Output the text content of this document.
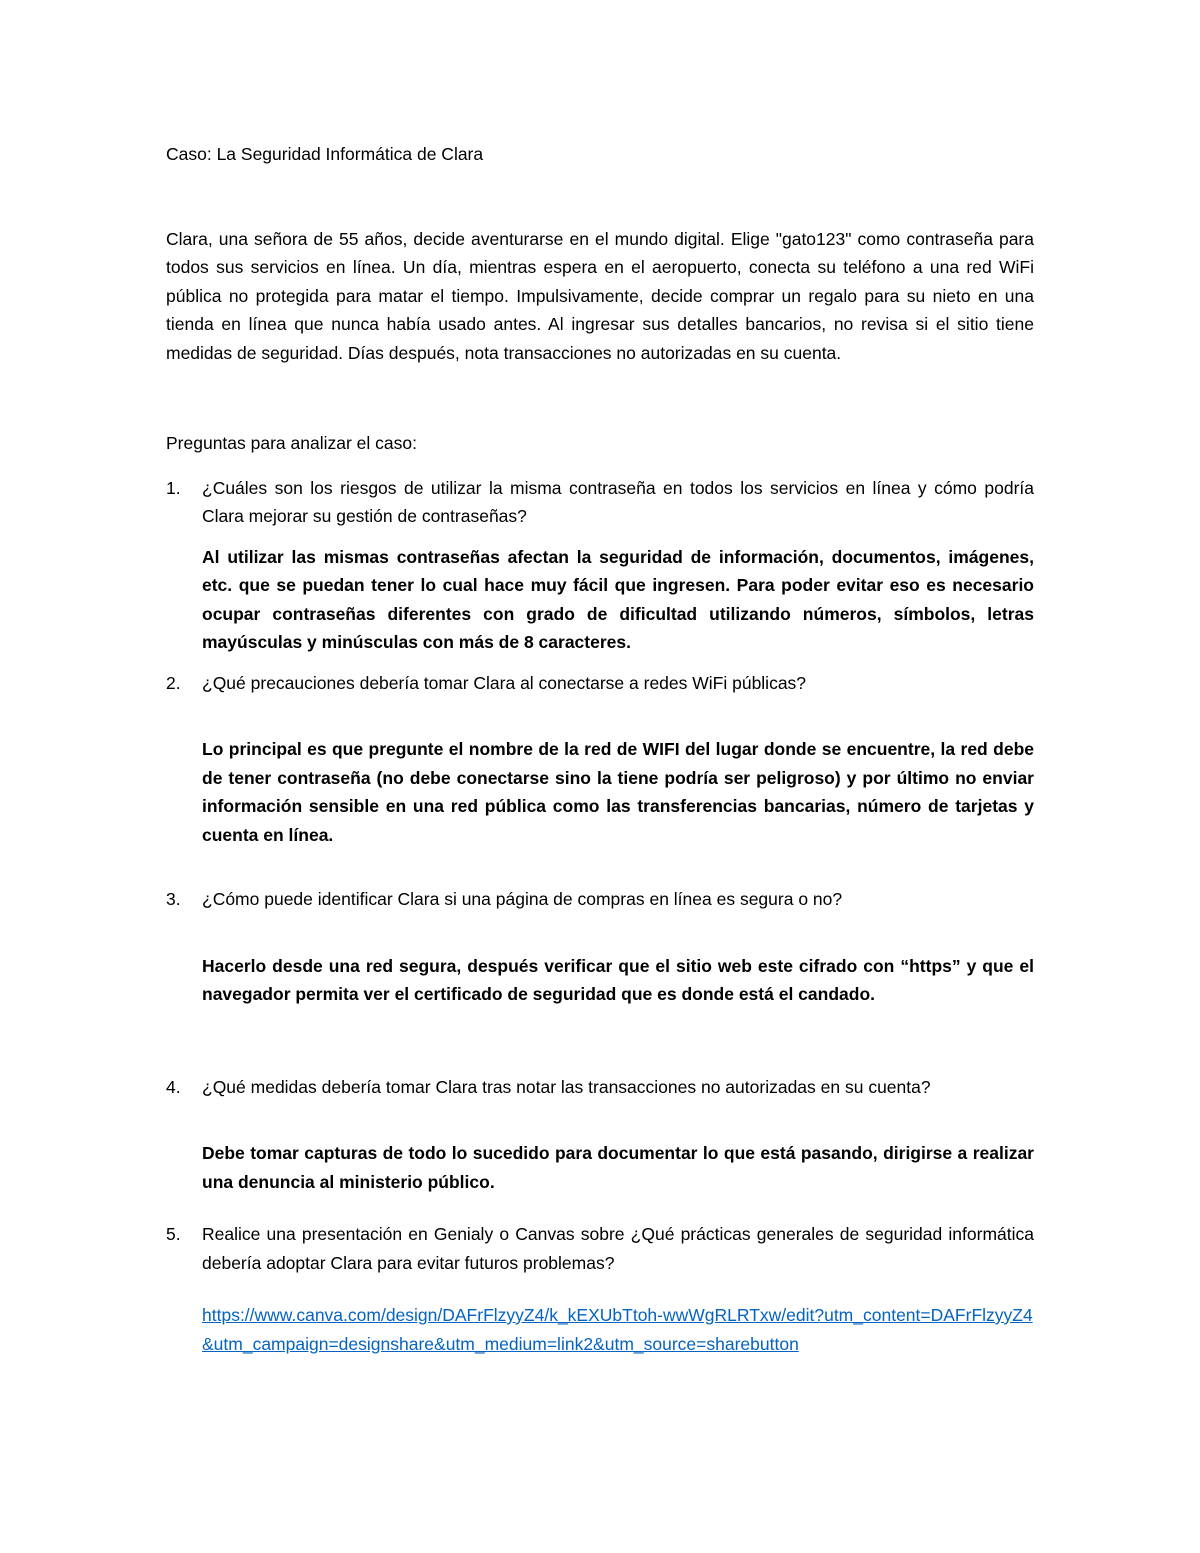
Caso: La Seguridad Informática de Clara

Clara, una señora de 55 años, decide aventurarse en el mundo digital. Elige "gato123" como contraseña para todos sus servicios en línea. Un día, mientras espera en el aeropuerto, conecta su teléfono a una red WiFi pública no protegida para matar el tiempo. Impulsivamente, decide comprar un regalo para su nieto en una tienda en línea que nunca había usado antes. Al ingresar sus detalles bancarios, no revisa si el sitio tiene medidas de seguridad. Días después, nota transacciones no autorizadas en su cuenta.

Preguntas para analizar el caso:

1. ¿Cuáles son los riesgos de utilizar la misma contraseña en todos los servicios en línea y cómo podría Clara mejorar su gestión de contraseñas?

Al utilizar las mismas contraseñas afectan la seguridad de información, documentos, imágenes, etc. que se puedan tener lo cual hace muy fácil que ingresen. Para poder evitar eso es necesario ocupar contraseñas diferentes con grado de dificultad utilizando números, símbolos, letras mayúsculas y minúsculas con más de 8 caracteres.

2. ¿Qué precauciones debería tomar Clara al conectarse a redes WiFi públicas?

Lo principal es que pregunte el nombre de la red de WIFI del lugar donde se encuentre, la red debe de tener contraseña (no debe conectarse sino la tiene podría ser peligroso) y por último no enviar información sensible en una red pública como las transferencias bancarias, número de tarjetas y cuenta en línea.

3. ¿Cómo puede identificar Clara si una página de compras en línea es segura o no?

Hacerlo desde una red segura, después verificar que el sitio web este cifrado con “https” y que el navegador permita ver el certificado de seguridad que es donde está el candado.

4. ¿Qué medidas debería tomar Clara tras notar las transacciones no autorizadas en su cuenta?

Debe tomar capturas de todo lo sucedido para documentar lo que está pasando, dirigirse a realizar una denuncia al ministerio público.

5. Realice una presentación en Genialy o Canvas sobre ¿Qué prácticas generales de seguridad informática debería adoptar Clara para evitar futuros problemas?

https://www.canva.com/design/DAFrFlzyyZ4/k_kEXUbTtoh-wwWgRLRTxw/edit?utm_content=DAFrFlzyyZ4&utm_campaign=designshare&utm_medium=link2&utm_source=sharebutton
